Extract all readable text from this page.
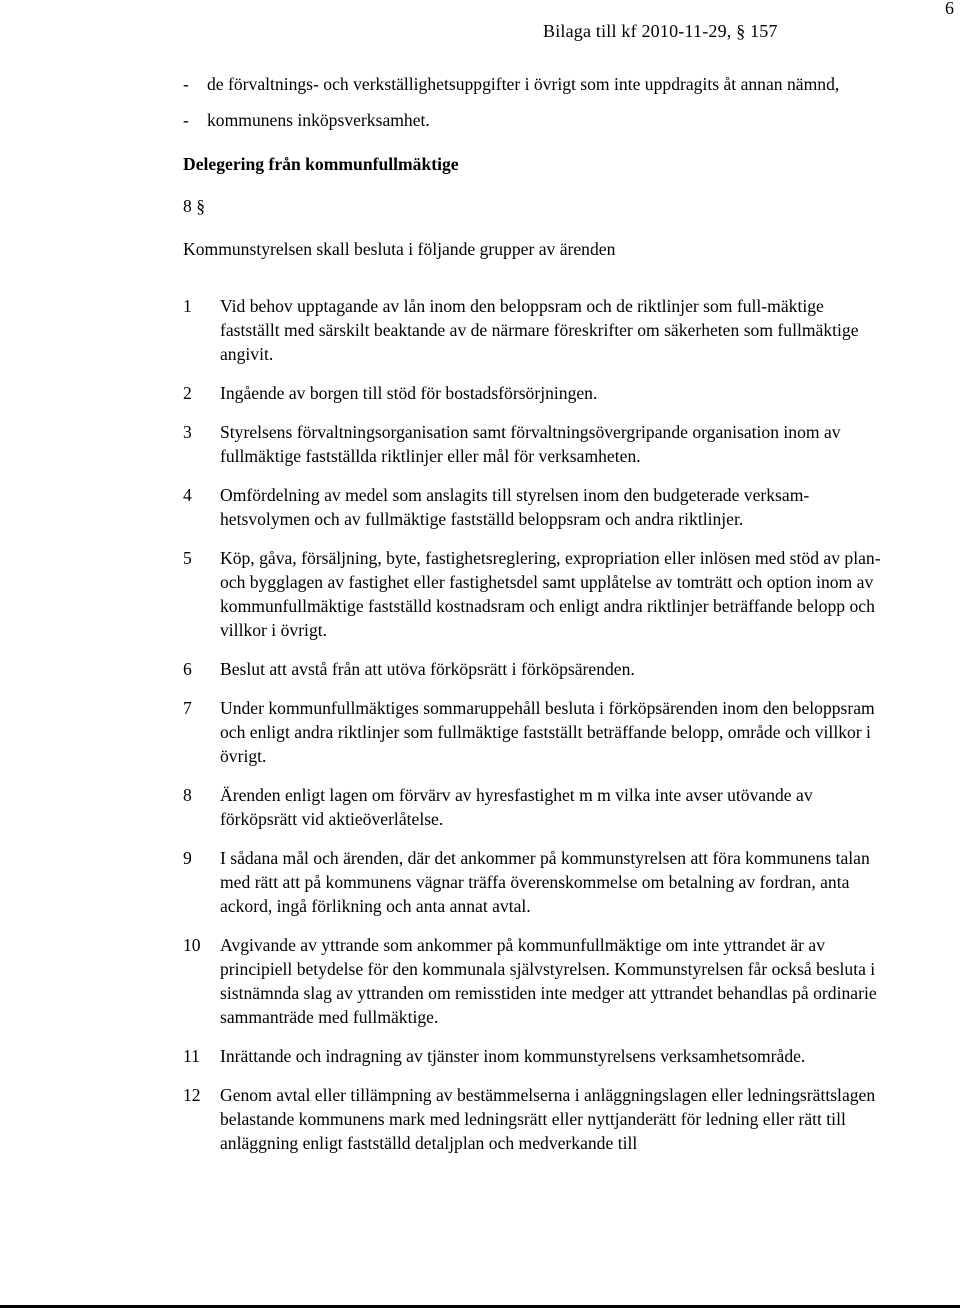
6
Bilaga till kf 2010-11-29, § 157
-	de förvaltnings- och verkställighetsuppgifter i övrigt som inte uppdragits åt annan nämnd,
-	kommunens inköpsverksamhet.
Delegering från kommunfullmäktige
8 §
Kommunstyrelsen skall besluta i följande grupper av ärenden
1	Vid behov upptagande av lån inom den beloppsram och de riktlinjer som full-mäktige fastställt med särskilt beaktande av de närmare föreskrifter om säkerheten som fullmäktige angivit.
2	Ingående av borgen till stöd för bostadsförsörjningen.
3	Styrelsens förvaltningsorganisation samt förvaltningsövergripande organisation inom av fullmäktige fastställda riktlinjer eller mål för verksamheten.
4	Omfördelning av medel som anslagits till styrelsen inom den budgeterade verksam-hetsvolymen och av fullmäktige fastställd beloppsram och andra riktlinjer.
5	Köp, gåva, försäljning, byte, fastighetsreglering, expropriation eller inlösen med stöd av plan- och bygglagen av fastighet eller fastighetsdel samt upplåtelse av tomträtt och option inom av kommunfullmäktige fastställd kostnadsram och enligt andra riktlinjer beträffande belopp och villkor i övrigt.
6	Beslut att avstå från att utöva förköpsrätt i förköpsärenden.
7	Under kommunfullmäktiges sommaruppehåll besluta i förköpsärenden inom den beloppsram och enligt andra riktlinjer som fullmäktige fastställt beträffande belopp, område och villkor i övrigt.
8	Ärenden enligt lagen om förvärv av hyresfastighet m m vilka inte avser utövande av förköpsrätt vid aktieöverlåtelse.
9	I sådana mål och ärenden, där det ankommer på kommunstyrelsen att föra kommunens talan med rätt att på kommunens vägnar träffa överenskommelse om betalning av fordran, anta ackord, ingå förlikning och anta annat avtal.
10	Avgivande av yttrande som ankommer på kommunfullmäktige om inte yttrandet är av principiell betydelse för den kommunala självstyrelsen. Kommunstyrelsen får också besluta i sistnämnda slag av yttranden om remisstiden inte medger att yttrandet behandlas på ordinarie sammanträde med fullmäktige.
11	Inrättande och indragning av tjänster inom kommunstyrelsens verksamhetsområde.
12	Genom avtal eller tillämpning av bestämmelserna i anläggningslagen eller ledningsrättslagen belastande kommunens mark med ledningsrätt eller nyttjanderätt för ledning eller rätt till anläggning enligt fastställd detaljplan och medverkande till
